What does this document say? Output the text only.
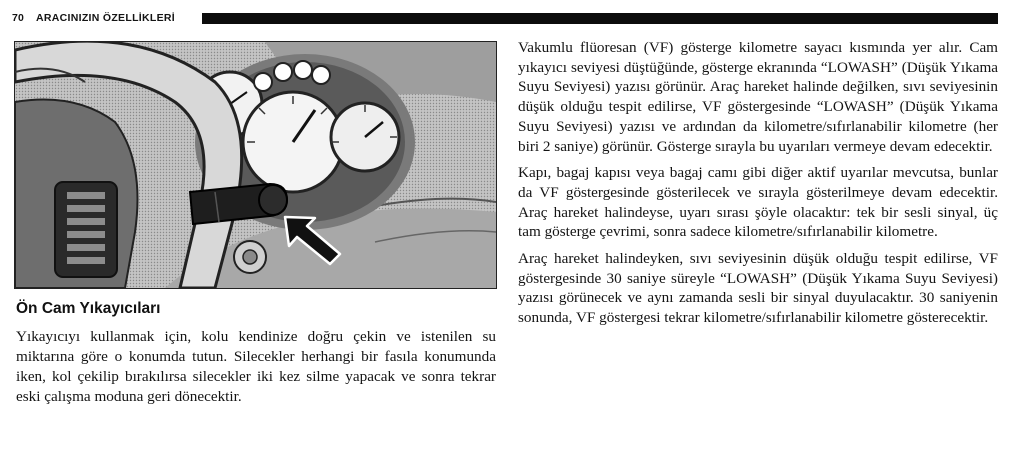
70 ARACINIZIN ÖZELLİKLERİ
Ön Cam Yıkayıcıları

Yıkayıcıyı kullanmak için, kolu kendinize doğru çekin ve istenilen su miktarına göre o konumda tutun. Silecekler herhangi bir fasıla konumunda iken, kol çekilip bırakılırsa silecekler iki kez silme yapacak ve sonra tekrar eski çalışma moduna geri dönecektir.

Vakumlu flüoresan (VF) gösterge kilometre sayacı kısmında yer alır. Cam yıkayıcı seviyesi düştüğünde, gösterge ekranında “LOWASH” (Düşük Yıkama Suyu Seviyesi) yazısı görünür. Araç hareket halinde değilken, sıvı seviyesinin düşük olduğu tespit edilirse, VF göstergesinde “LOWASH” (Düşük Yıkama Suyu Seviyesi) yazısı ve ardından da kilometre/sıfırlanabilir kilometre (her biri 2 saniye) görünür. Gösterge sırayla bu uyarıları vermeye devam edecektir.

Kapı, bagaj kapısı veya bagaj camı gibi diğer aktif uyarılar mevcutsa, bunlar da VF göstergesinde gösterilecek ve sırayla gösterilmeye devam edecektir. Araç hareket halindeyse, uyarı sırası şöyle olacaktır: tek bir sesli sinyal, üç tam gösterge çevrimi, sonra sadece kilometre/sıfırlanabilir kilometre.

Araç hareket halindeyken, sıvı seviyesinin düşük olduğu tespit edilirse, VF göstergesinde 30 saniye süreyle “LOWASH” (Düşük Yıkama Suyu Seviyesi) yazısı görünecek ve aynı zamanda sesli bir sinyal duyulacaktır. 30 saniyenin sonunda, VF göstergesi tekrar kilometre/sıfırlanabilir kilometre gösterecektir.
